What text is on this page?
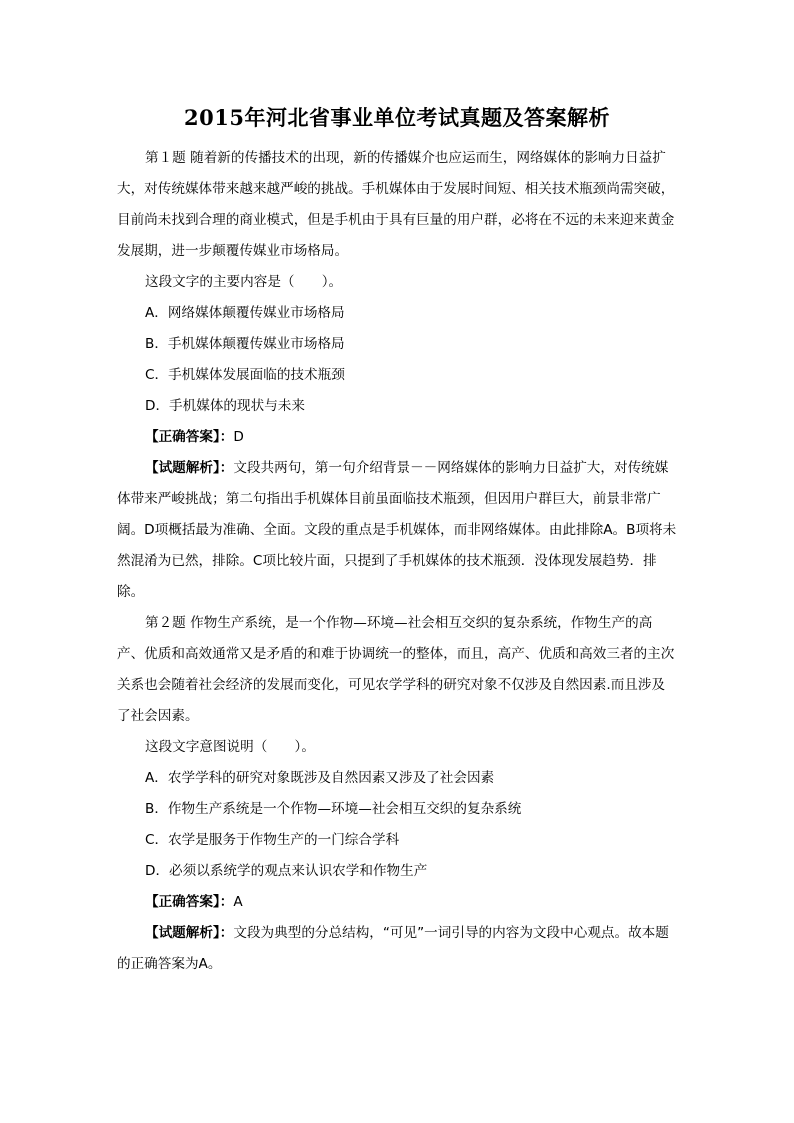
2015年河北省事业单位考试真题及答案解析

第１题 随着新的传播技术的出现，新的传播媒介也应运而生，网络媒体的影响力日益扩大，对传统媒体带来越来越严峻的挑战。手机媒体由于发展时间短、相关技术瓶颈尚需突破，目前尚未找到合理的商业模式，但是手机由于具有巨量的用户群，必将在不远的未来迎来黄金发展期，进一步颠覆传媒业市场格局。

这段文字的主要内容是（　　）。

A．网络媒体颠覆传媒业市场格局

B．手机媒体颠覆传媒业市场格局

C．手机媒体发展面临的技术瓶颈

D．手机媒体的现状与未来

【正确答案】：D

【试题解析】：文段共两句，第一句介绍背景－－网络媒体的影响力日益扩大，对传统媒体带来严峻挑战；第二句指出手机媒体目前虽面临技术瓶颈，但因用户群巨大，前景非常广阔。D项概括最为准确、全面。文段的重点是手机媒体，而非网络媒体。由此排除A。B项将未然混淆为已然，排除。C项比较片面，只提到了手机媒体的技术瓶颈．没体现发展趋势．排除。

第２题 作物生产系统，是一个作物—环境—社会相互交织的复杂系统，作物生产的高产、优质和高效通常又是矛盾的和难于协调统一的整体，而且，高产、优质和高效三者的主次关系也会随着社会经济的发展而变化，可见农学学科的研究对象不仅涉及自然因素.而且涉及了社会因素。

这段文字意图说明（　　）。

A．农学学科的研究对象既涉及自然因素又涉及了社会因素

B．作物生产系统是一个作物—环境—社会相互交织的复杂系统

C．农学是服务于作物生产的一门综合学科

D．必须以系统学的观点来认识农学和作物生产

【正确答案】：A

【试题解析】：文段为典型的分总结构，“可见”一词引导的内容为文段中心观点。故本题的正确答案为A。
